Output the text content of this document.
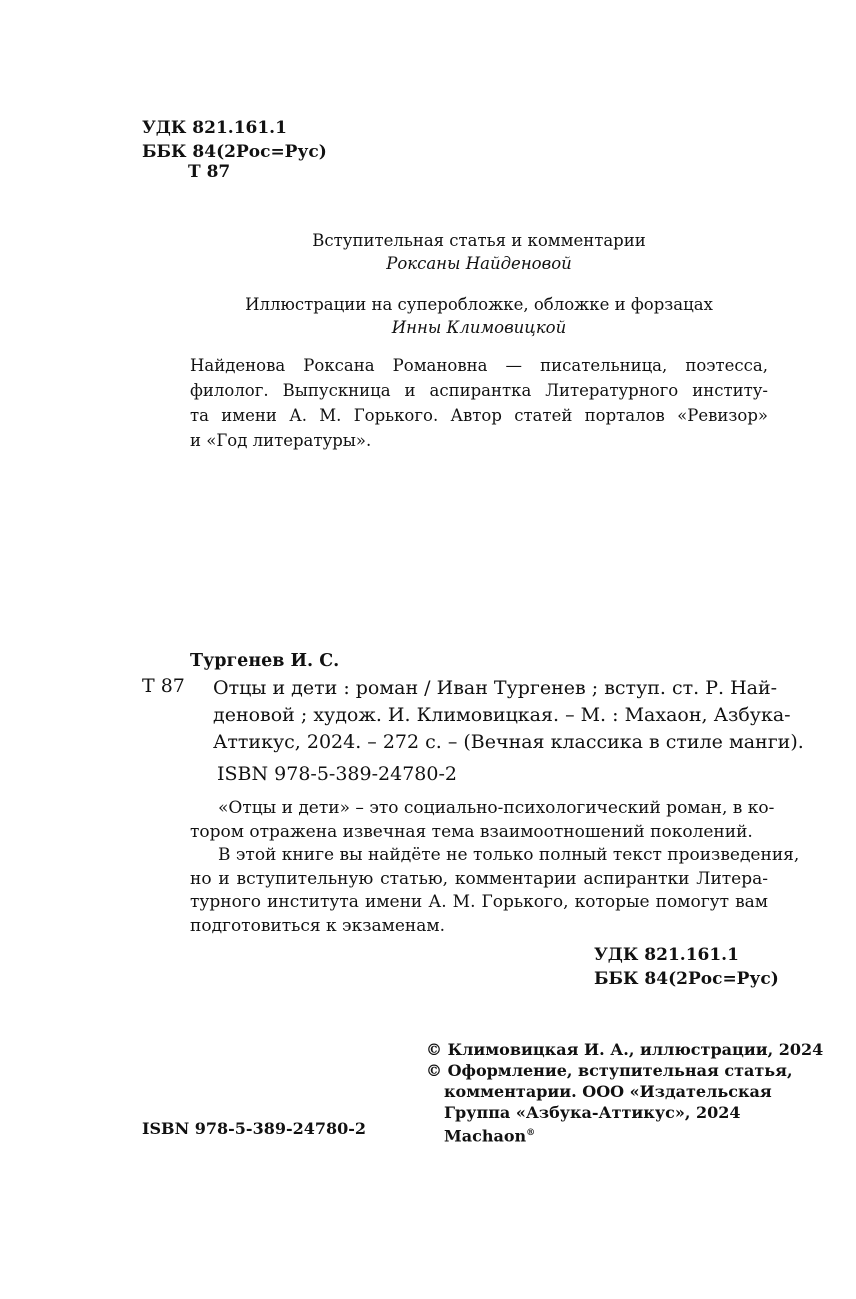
УДК 821.161.1
ББК 84(2Рос=Рус)
Т 87
Вступительная статья и комментарии
Роксаны Найденовой
Иллюстрации на суперобложке, обложке и форзацах
Инны Климовицкой
Найденова Роксана Романовна — писательница, поэтесса,
филолог. Выпускница и аспирантка Литературного институ-
та имени А. М. Горького. Автор статей порталов «Ревизор»
и «Год литературы».
Тургенев И. С.
Т 87 Отцы и дети : роман / Иван Тургенев ; вступ. ст. Р. Най-
деновой ; худож. И. Климовицкая. – М. : Махаон, Азбука-
Аттикус, 2024. – 272 с. – (Вечная классика в стиле манги).
ISBN 978-5-389-24780-2
«Отцы и дети» – это социально-психологический роман, в ко-
тором отражена извечная тема взаимоотношений поколений.
В этой книге вы найдёте не только полный текст произведения,
но и вступительную статью, комментарии аспирантки Литера-
турного института имени А. М. Горького, которые помогут вам
подготовиться к экзаменам.
УДК 821.161.1
ББК 84(2Рос=Рус)
© Климовицкая И. А., иллюстрации, 2024
© Оформление, вступительная статья,
комментарии. ООО «Издательская
Группа «Азбука-Аттикус», 2024
Machaon®
ISBN 978-5-389-24780-2
